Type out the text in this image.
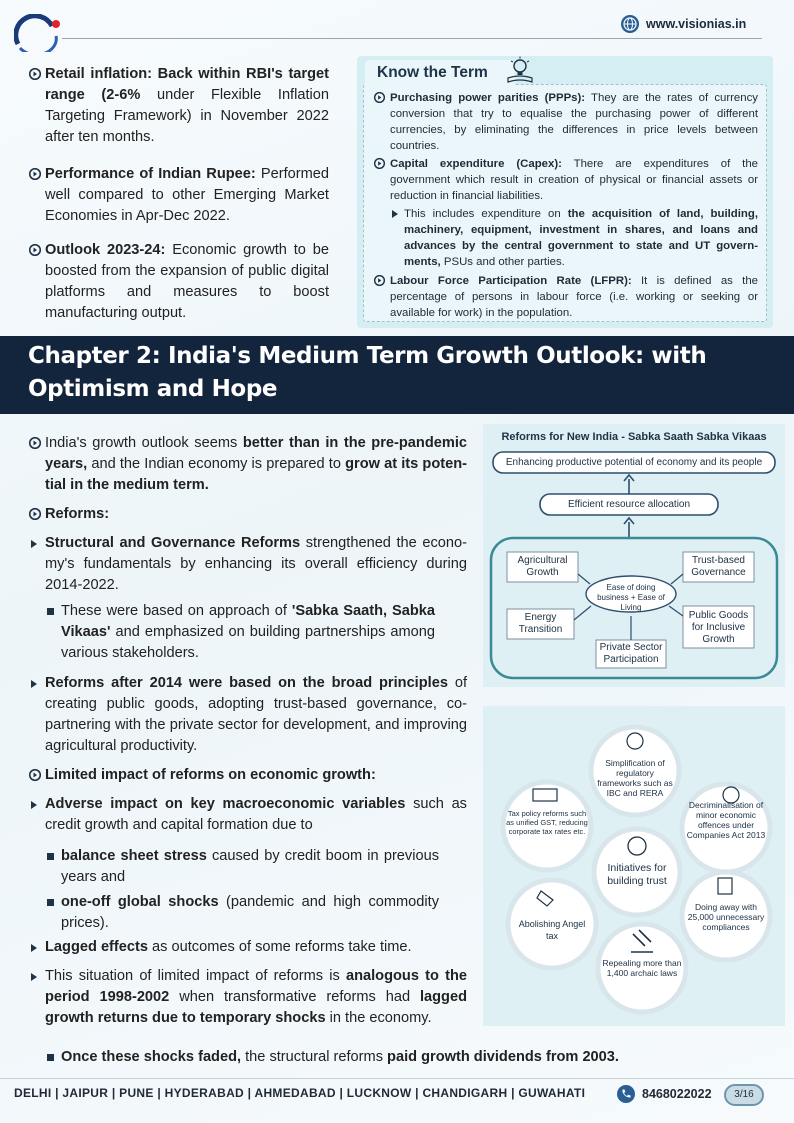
www.visionias.in
Retail inflation: Back within RBI's target range (2-6% under Flexible Inflation Targeting Framework) in November 2022 after ten months.
Performance of Indian Rupee: Performed well compared to other Emerging Market Economies in Apr-Dec 2022.
Outlook 2023-24: Economic growth to be boosted from the expansion of public digital platforms and measures to boost manufacturing output.
Know the Term
Purchasing power parities (PPPs): They are the rates of currency conversion that try to equalise the purchasing power of different currencies, by eliminating the differences in price levels between countries.
Capital expenditure (Capex): There are expenditures of the government which result in creation of physical or financial assets or reduction in financial liabilities.
This includes expenditure on the acquisition of land, building, machinery, equipment, investment in shares, and loans and advances by the central government to state and UT govern-ments, PSUs and other parties.
Labour Force Participation Rate (LFPR): It is defined as the percentage of persons in labour force (i.e. working or seeking or available for work) in the population.
Chapter 2: India's Medium Term Growth Outlook: with Optimism and Hope
India's growth outlook seems better than in the pre-pandemic years, and the Indian economy is prepared to grow at its poten-tial in the medium term.
Reforms:
Structural and Governance Reforms strengthened the econo-my's fundamentals by enhancing its overall efficiency during 2014-2022.
These were based on approach of 'Sabka Saath, Sabka Vikaas' and emphasized on building partnerships among various stakeholders.
Reforms after 2014 were based on the broad principles of creating public goods, adopting trust-based governance, co-partnering with the private sector for development, and improving agricultural productivity.
Limited impact of reforms on economic growth:
Adverse impact on key macroeconomic variables such as credit growth and capital formation due to
balance sheet stress caused by credit boom in previous years and
one-off global shocks (pandemic and high commodity prices).
Lagged effects as outcomes of some reforms take time.
This situation of limited impact of reforms is analogous to the period 1998-2002 when transformative reforms had lagged growth returns due to temporary shocks in the economy.
Once these shocks faded, the structural reforms paid growth dividends from 2003.
Reforms for New India - Sabka Saath Sabka Vikaas
Enhancing productive potential of economy and its people
Efficient resource allocation
Ease of doing business + Ease of Living
Agricultural Growth
Trust-based Governance
Energy Transition
Public Goods for Inclusive Growth
Private Sector Participation
Simplification of regulatory frameworks such as IBC and RERA
Decriminalisation of minor economic offences under Companies Act 2013
Doing away with 25,000 unnecessary compliances
Repealing more than 1,400 archaic laws
Abolishing Angel tax
Tax policy reforms such as unified GST, reducing corporate tax rates etc.
Initiatives for building trust
DELHI | JAIPUR | PUNE | HYDERABAD | AHMEDABAD | LUCKNOW | CHANDIGARH | GUWAHATI	8468022022	3/16
